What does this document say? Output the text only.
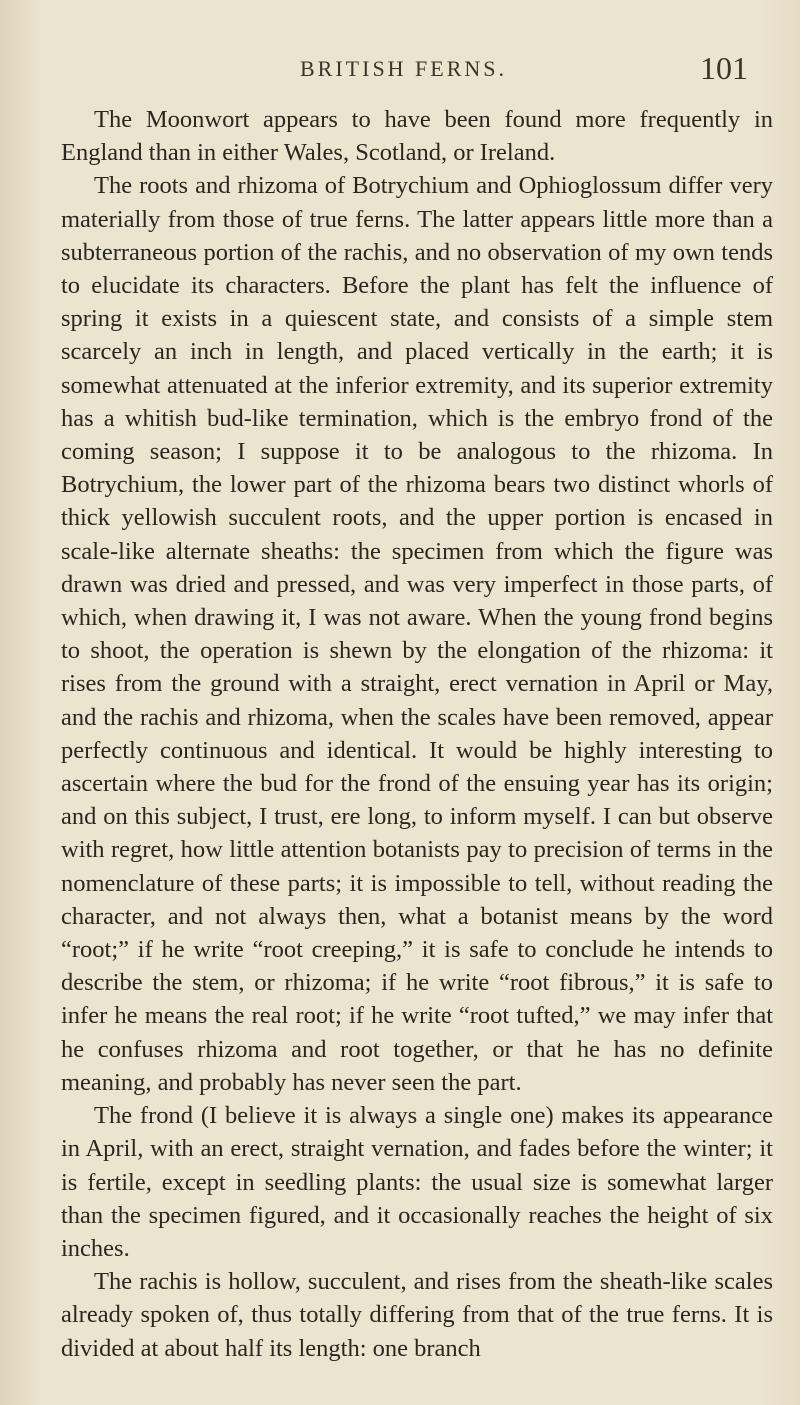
BRITISH FERNS.	101

The Moonwort appears to have been found more frequently in England than in either Wales, Scotland, or Ireland.

The roots and rhizoma of Botrychium and Ophioglossum differ very materially from those of true ferns. The latter appears little more than a subterraneous portion of the rachis, and no observation of my own tends to elucidate its characters. Before the plant has felt the influence of spring it exists in a quiescent state, and consists of a simple stem scarcely an inch in length, and placed vertically in the earth; it is somewhat attenuated at the inferior extremity, and its superior extremity has a whitish bud-like termination, which is the embryo frond of the coming season; I suppose it to be analogous to the rhizoma. In Botrychium, the lower part of the rhizoma bears two distinct whorls of thick yellowish succulent roots, and the upper portion is encased in scale-like alternate sheaths: the specimen from which the figure was drawn was dried and pressed, and was very imperfect in those parts, of which, when drawing it, I was not aware. When the young frond begins to shoot, the operation is shewn by the elongation of the rhizoma: it rises from the ground with a straight, erect vernation in April or May, and the rachis and rhizoma, when the scales have been removed, appear perfectly continuous and identical. It would be highly interesting to ascertain where the bud for the frond of the ensuing year has its origin; and on this subject, I trust, ere long, to inform myself. I can but observe with regret, how little attention botanists pay to precision of terms in the nomenclature of these parts; it is impossible to tell, without reading the character, and not always then, what a botanist means by the word “root;” if he write “root creeping,” it is safe to conclude he intends to describe the stem, or rhizoma; if he write “root fibrous,” it is safe to infer he means the real root; if he write “root tufted,” we may infer that he confuses rhizoma and root together, or that he has no definite meaning, and probably has never seen the part.

The frond (I believe it is always a single one) makes its appearance in April, with an erect, straight vernation, and fades before the winter; it is fertile, except in seedling plants: the usual size is somewhat larger than the specimen figured, and it occasionally reaches the height of six inches.

The rachis is hollow, succulent, and rises from the sheath-like scales already spoken of, thus totally differing from that of the true ferns. It is divided at about half its length: one branch
